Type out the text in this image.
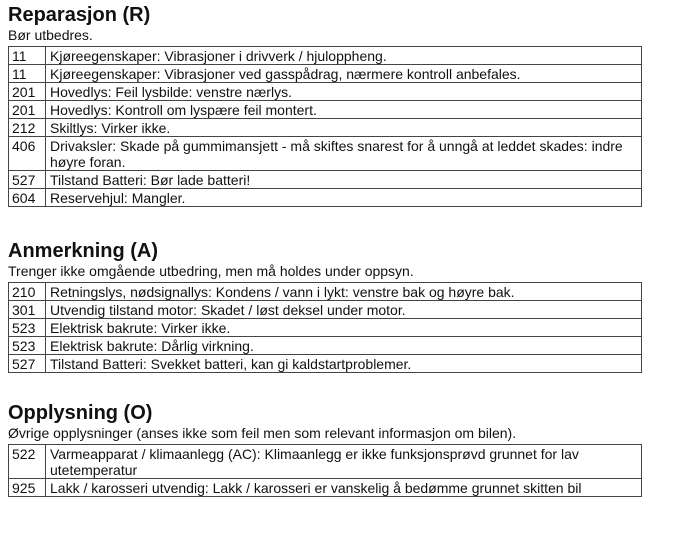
Reparasjon (R)
Bør utbedres.
11	Kjøreegenskaper: Vibrasjoner i drivverk / hjuloppheng.
11	Kjøreegenskaper: Vibrasjoner ved gasspådrag, nærmere kontroll anbefales.
201	Hovedlys: Feil lysbilde: venstre nærlys.
201	Hovedlys: Kontroll om lyspære feil montert.
212	Skiltlys: Virker ikke.
406	Drivaksler: Skade på gummimansjett - må skiftes snarest for å unngå at leddet skades: indre høyre foran.
527	Tilstand Batteri: Bør lade batteri!
604	Reservehjul: Mangler.
Anmerkning (A)
Trenger ikke omgående utbedring, men må holdes under oppsyn.
210	Retningslys, nødsignallys: Kondens / vann i lykt: venstre bak og høyre bak.
301	Utvendig tilstand motor: Skadet / løst deksel under motor.
523	Elektrisk bakrute: Virker ikke.
523	Elektrisk bakrute: Dårlig virkning.
527	Tilstand Batteri: Svekket batteri, kan gi kaldstartproblemer.
Opplysning (O)
Øvrige opplysninger (anses ikke som feil men som relevant informasjon om bilen).
522	Varmeapparat / klimaanlegg (AC): Klimaanlegg er ikke funksjonsprøvd grunnet for lav utetemperatur
925	Lakk / karosseri utvendig: Lakk / karosseri er vanskelig å bedømme grunnet skitten bil
